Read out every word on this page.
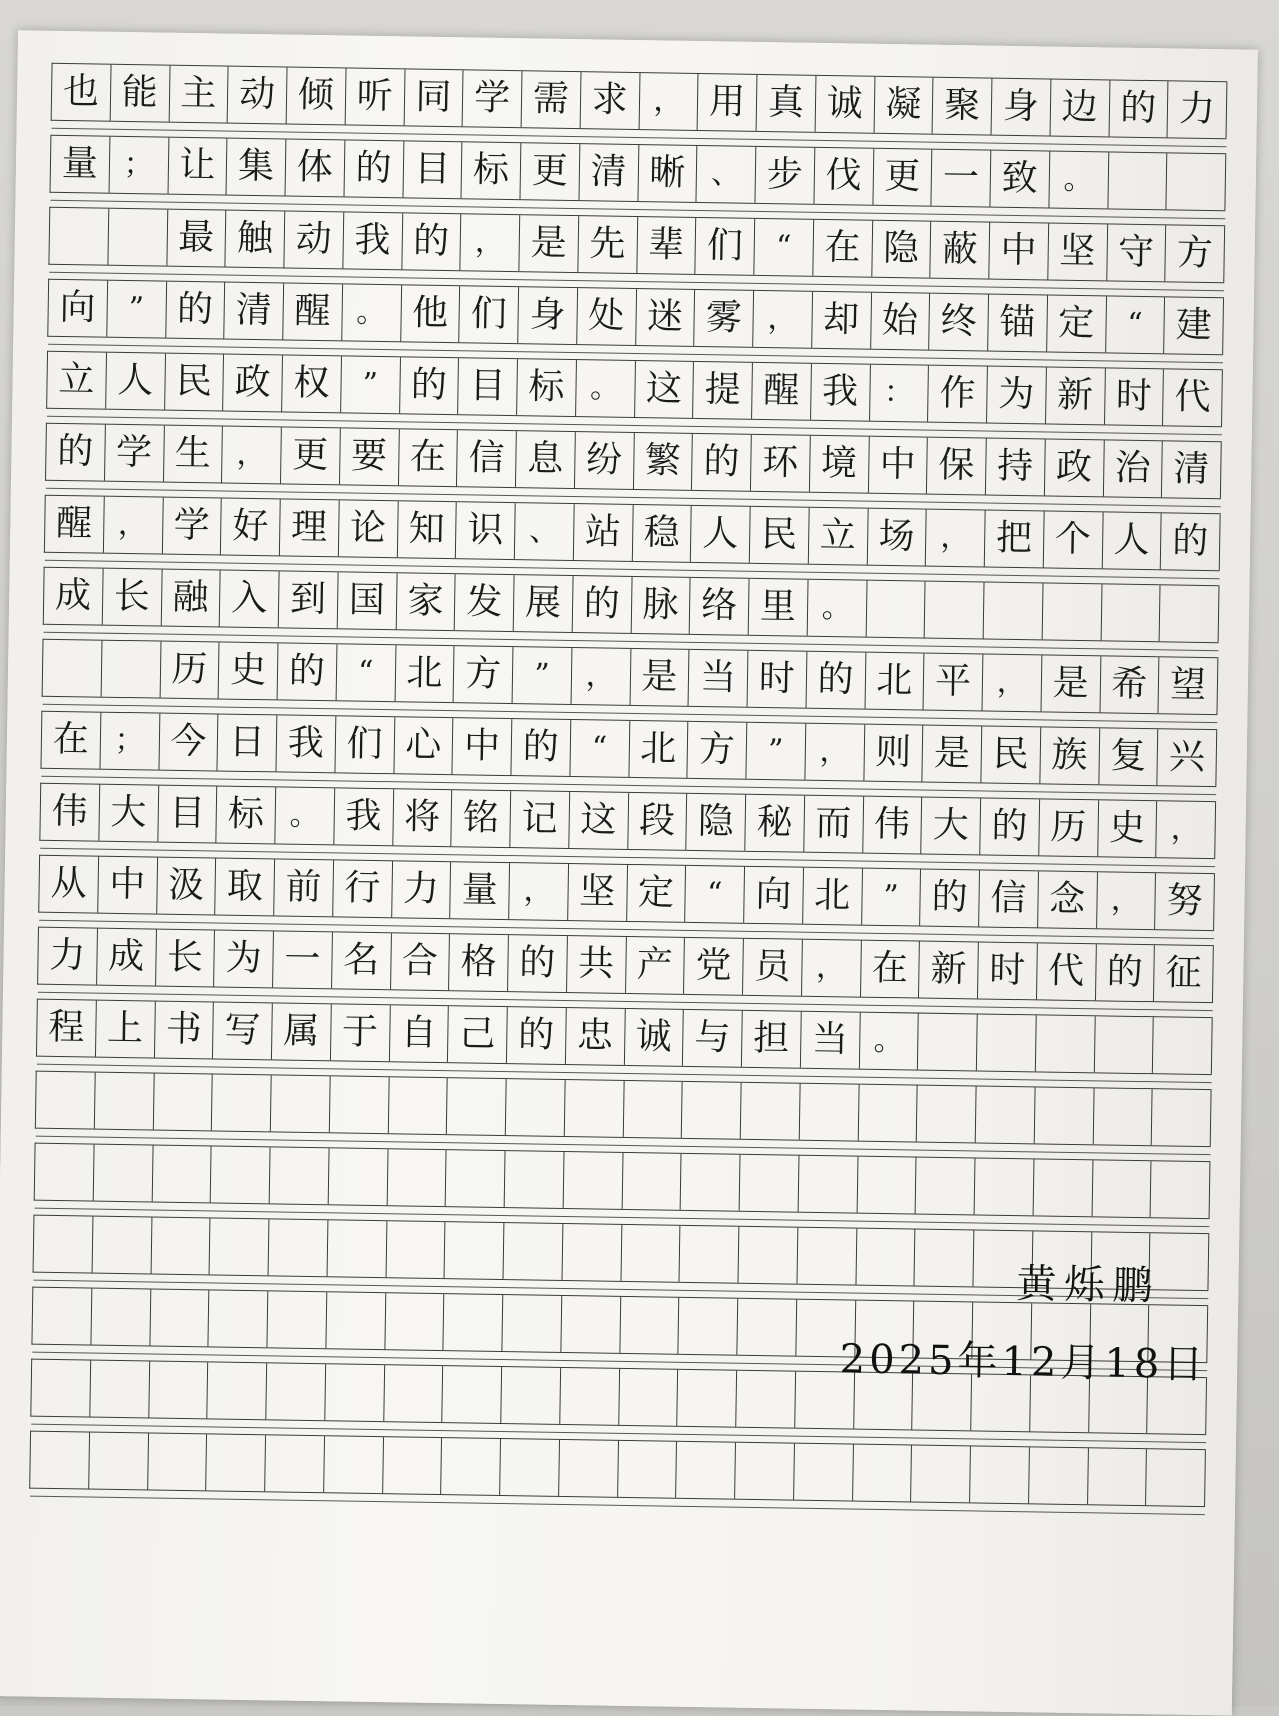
也 能 主 动 倾 听 同 学 需 求 ， 用 真 诚 凝 聚 身 边 的 力
量 ； 让 集 体 的 目 标 更 清 晰 、 步 伐 更 一 致 。
最 触 动 我 的 ， 是 先 辈 们	“ 在 隐 蔽 中 坚 守 方
向	” 的 清 醒 。 他 们 身 处 迷 雾 ， 却 始 终 锚 定	“ 建
立 人 民 政 权	” 的 目 标 。 这 提 醒 我 ： 作 为 新 时 代
的 学 生 ， 更 要 在 信 息 纷 繁 的 环 境 中 保 持 政 治 清
醒 ， 学 好 理 论 知 识 、 站 稳 人 民 立 场 ， 把 个 人 的
成 长 融 入 到 国 家 发 展 的 脉 络 里 。
历 史 的	“ 北 方	”	， 是 当 时 的 北 平 ， 是 希 望
在 ； 今 日 我 们 心 中 的	“ 北 方	”	， 则 是 民 族 复 兴
伟 大 目 标 。 我 将 铭 记 这 段 隐 秘 而 伟 大 的 历 史 ，
从 中 汲 取 前 行 力 量 ， 坚 定	“ 向 北	” 的 信 念 ， 努
力 成 长 为 一 名 合 格 的 共 产 党 员 ， 在 新 时 代 的 征
程 上 书 写 属 于 自 己 的 忠 诚 与 担 当 。
黄烁鹏
2025年12月18日
